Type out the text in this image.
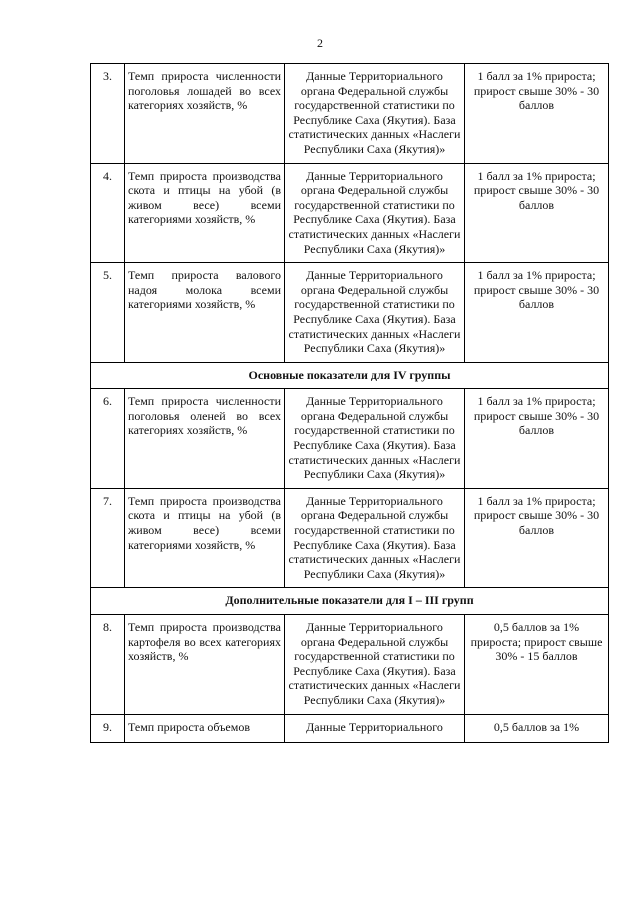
2
3.	Темп прироста численности поголовья лошадей во всех категориях хозяйств, %	Данные Территориального органа Федеральной службы государственной статистики по Республике Саха (Якутия). База статистических данных «Наслеги Республики Саха (Якутия)»	1 балл за 1% прироста; прирост свыше 30% - 30 баллов
4.	Темп прироста производства скота и птицы на убой (в живом весе) всеми категориями хозяйств, %	Данные Территориального органа Федеральной службы государственной статистики по Республике Саха (Якутия). База статистических данных «Наслеги Республики Саха (Якутия)»	1 балл за 1% прироста; прирост свыше 30% - 30 баллов
5.	Темп прироста валового надоя молока всеми категориями хозяйств, %	Данные Территориального органа Федеральной службы государственной статистики по Республике Саха (Якутия). База статистических данных «Наслеги Республики Саха (Якутия)»	1 балл за 1% прироста; прирост свыше 30% - 30 баллов
Основные показатели для IV группы			
6.	Темп прироста численности поголовья оленей во всех категориях хозяйств, %	Данные Территориального органа Федеральной службы государственной статистики по Республике Саха (Якутия). База статистических данных «Наслеги Республики Саха (Якутия)»	1 балл за 1% прироста; прирост свыше 30% - 30 баллов
7.	Темп прироста производства скота и птицы на убой (в живом весе) всеми категориями хозяйств, %	Данные Территориального органа Федеральной службы государственной статистики по Республике Саха (Якутия). База статистических данных «Наслеги Республики Саха (Якутия)»	1 балл за 1% прироста; прирост свыше 30% - 30 баллов
Дополнительные показатели для I – III групп			
8.	Темп прироста производства картофеля во всех категориях хозяйств, %	Данные Территориального органа Федеральной службы государственной статистики по Республике Саха (Якутия). База статистических данных «Наслеги Республики Саха (Якутия)»	0,5 баллов за 1% прироста; прирост свыше 30% - 15 баллов
9.	Темп прироста объемов	Данные Территориального	0,5 баллов за 1%
